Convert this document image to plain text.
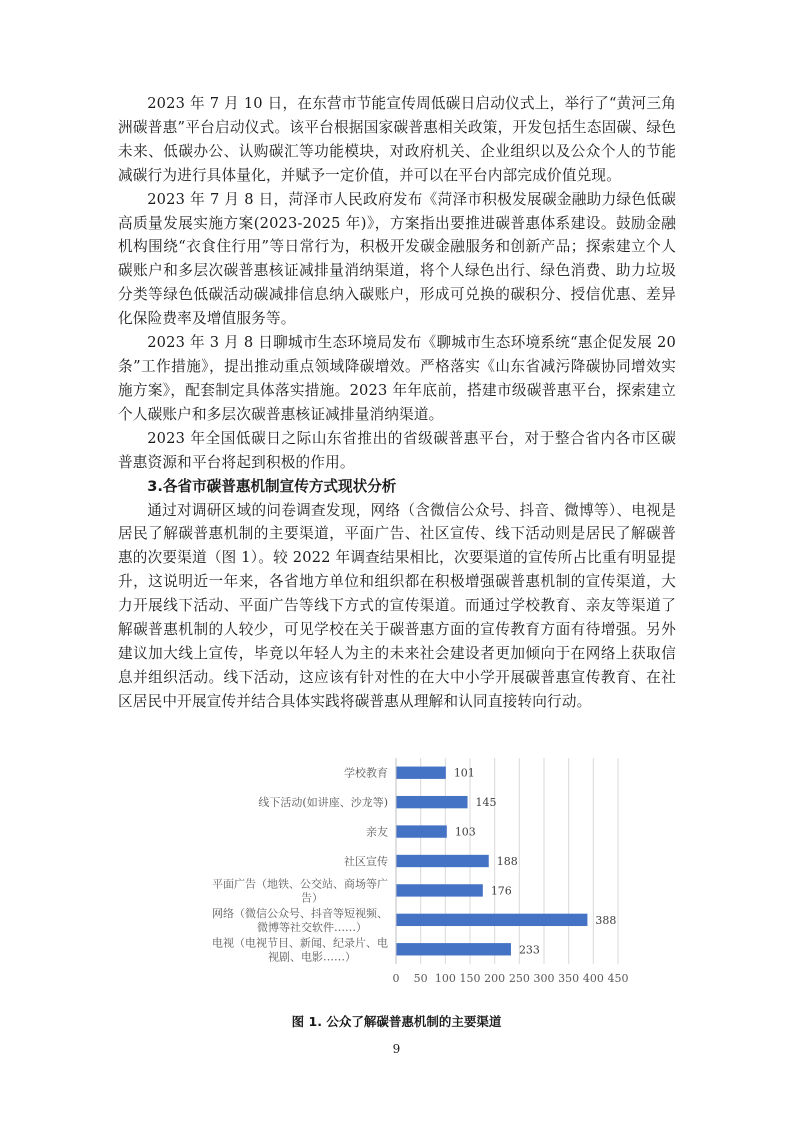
2023 年 7 月 10 日，在东营市节能宣传周低碳日启动仪式上，举行了“黄河三角洲碳普惠”平台启动仪式。该平台根据国家碳普惠相关政策，开发包括生态固碳、绿色未来、低碳办公、认购碳汇等功能模块，对政府机关、企业组织以及公众个人的节能减碳行为进行具体量化，并赋予一定价值，并可以在平台内部完成价值兑现。

2023 年 7 月 8 日，菏泽市人民政府发布《菏泽市积极发展碳金融助力绿色低碳高质量发展实施方案(2023-2025 年)》，方案指出要推进碳普惠体系建设。鼓励金融机构围绕“衣食住行用”等日常行为，积极开发碳金融服务和创新产品；探索建立个人碳账户和多层次碳普惠核证减排量消纳渠道，将个人绿色出行、绿色消费、助力垃圾分类等绿色低碳活动碳减排信息纳入碳账户，形成可兑换的碳积分、授信优惠、差异化保险费率及增值服务等。

2023 年 3 月 8 日聊城市生态环境局发布《聊城市生态环境系统“惠企促发展 20 条”工作措施》，提出推动重点领域降碳增效。严格落实《山东省减污降碳协同增效实施方案》，配套制定具体落实措施。2023 年年底前，搭建市级碳普惠平台，探索建立个人碳账户和多层次碳普惠核证减排量消纳渠道。

2023 年全国低碳日之际山东省推出的省级碳普惠平台，对于整合省内各市区碳普惠资源和平台将起到积极的作用。

3.各省市碳普惠机制宣传方式现状分析

通过对调研区域的问卷调查发现，网络（含微信公众号、抖音、微博等）、电视是居民了解碳普惠机制的主要渠道，平面广告、社区宣传、线下活动则是居民了解碳普惠的次要渠道（图 1）。较 2022 年调查结果相比，次要渠道的宣传所占比重有明显提升，这说明近一年来，各省地方单位和组织都在积极增强碳普惠机制的宣传渠道，大力开展线下活动、平面广告等线下方式的宣传渠道。而通过学校教育、亲友等渠道了解碳普惠机制的人较少，可见学校在关于碳普惠方面的宣传教育方面有待增强。另外建议加大线上宣传，毕竟以年轻人为主的未来社会建设者更加倾向于在网络上获取信息并组织活动。线下活动，这应该有针对性的在大中小学开展碳普惠宣传教育、在社区居民中开展宣传并结合具体实践将碳普惠从理解和认同直接转向行动。

101
学校教育
145
线下活动(如讲座、沙龙等)
103
亲友
188
社区宣传
176
平面广告（地铁、公交站、商场等广
告）
388
网络（微信公众号、抖音等短视频、
微博等社交软件……）
233
电视（电视节目、新闻、纪录片、电
视剧、电影……）
0 50 100 150 200 250 300 350 400 450
图 1. 公众了解碳普惠机制的主要渠道
9
